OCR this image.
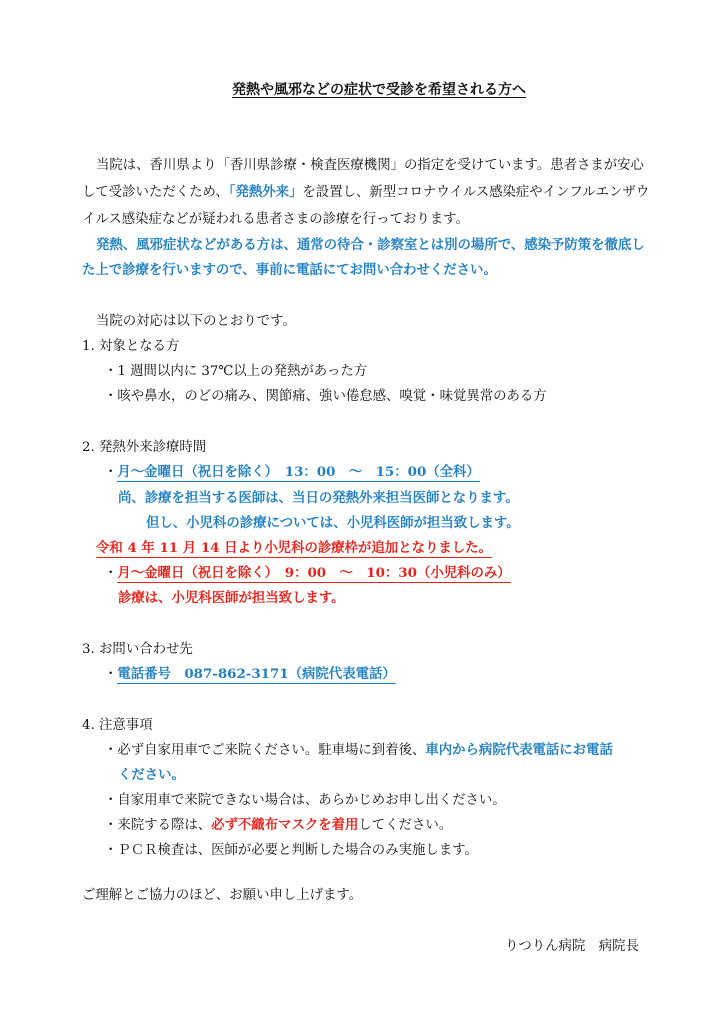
発熱や風邪などの症状で受診を希望される方へ
当院は、香川県より「香川県診療・検査医療機関」の指定を受けています。患者さまが安心
して受診いただくため、「発熱外来」を設置し、新型コロナウイルス感染症やインフルエンザウ
イルス感染症などが疑われる患者さまの診療を行っております。
発熱、風邪症状などがある方は、通常の待合・診察室とは別の場所で、感染予防策を徹底し
た上で診療を行いますので、事前に電話にてお問い合わせください。
当院の対応は以下のとおりです。
1. 対象となる方
・1 週間以内に 37℃以上の発熱があった方
・咳や鼻水，のどの痛み、関節痛、強い倦怠感、嗅覚・味覚異常のある方
2. 発熱外来診療時間
・月～金曜日（祝日を除く）　13：00　～　15：00（全科）
尚、診療を担当する医師は、当日の発熱外来担当医師となります。
但し、小児科の診療については、小児科医師が担当致します。
令和 4 年 11 月 14 日より小児科の診療枠が追加となりました。
・月～金曜日（祝日を除く）　9：00　～　10：30（小児科のみ）
診療は、小児科医師が担当致します。
3. お問い合わせ先
・電話番号　087-862-3171（病院代表電話）
4. 注意事項
・必ず自家用車でご来院ください。駐車場に到着後、車内から病院代表電話にお電話
ください。
・自家用車で来院できない場合は、あらかじめお申し出ください。
・来院する際は、必ず不織布マスクを着用してください。
・ＰＣＲ検査は、医師が必要と判断した場合のみ実施します。
ご理解とご協力のほど、お願い申し上げます。
りつりん病院　病院長
